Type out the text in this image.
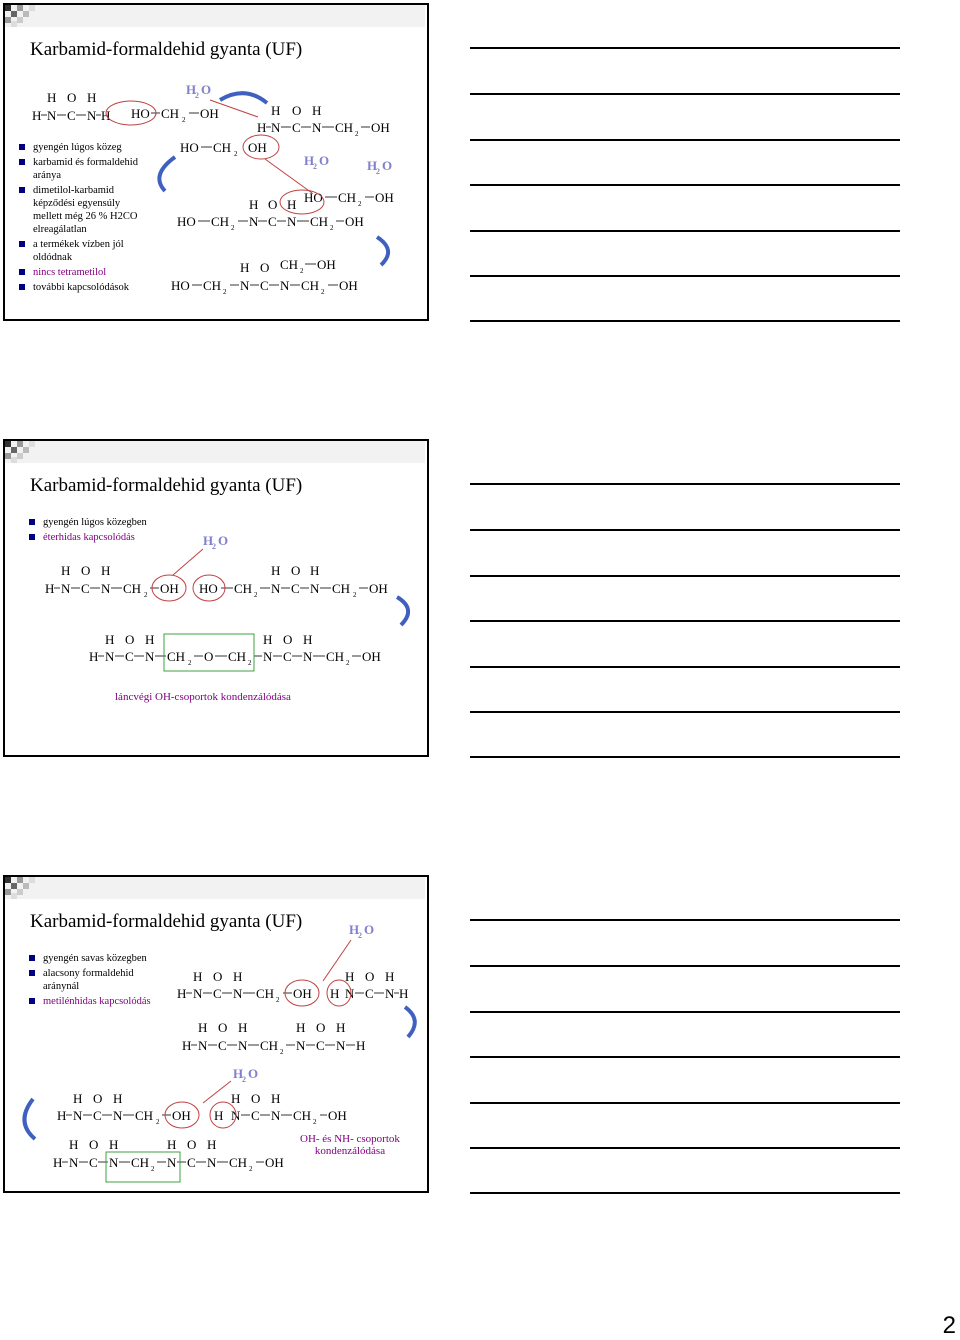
Karbamid-formaldehid gyanta (UF)
gyengén lúgos közeg
karbamid és formaldehid aránya
dimetilol-karbamid képződési egyensúly mellett még 26 % H2CO elreagálatlan
a termékek vízben jól oldódnak
nincs tetrametilol
további kapcsolódások
H O H
H N C N H HO CH 2 OH
H
2 O
H O H
H N C N CH 2 OH
HO CH 2 OH
H
2 O	H
2 O
H O H
HO CH 2 N C N CH 2 OH
HO CH 2 OH
H O CH 2 OH
HO CH 2 N C N CH 2 OH
Karbamid-formaldehid gyanta (UF)
gyengén lúgos közegben
éterhidas kapcsolódás	H
2 O
H O H
H N C N CH 2 OH HO
H O H
CH 2 N C N CH 2 OH
H O H
H N C N CH 2 O CH 2
H O H
N C N CH 2 OH
láncvégi OH-csoportok kondenzálódása
Karbamid-formaldehid gyanta (UF)
gyengén savas közegben
alacsony formaldehid aránynál
metilénhidas kapcsolódás
H
2 O
H O H
H N C N CH 2 OH
H O H
H N C N H
H O H
H N C N CH 2
H O H
N C N H
H
2 O
H O H
H N C N CH 2 OH
H O H
H N C N CH 2 OH
H O H
H N C N CH 2
H O H
N C N CH 2 OH
OH- és NH- csoportok
kondenzálódása
2
